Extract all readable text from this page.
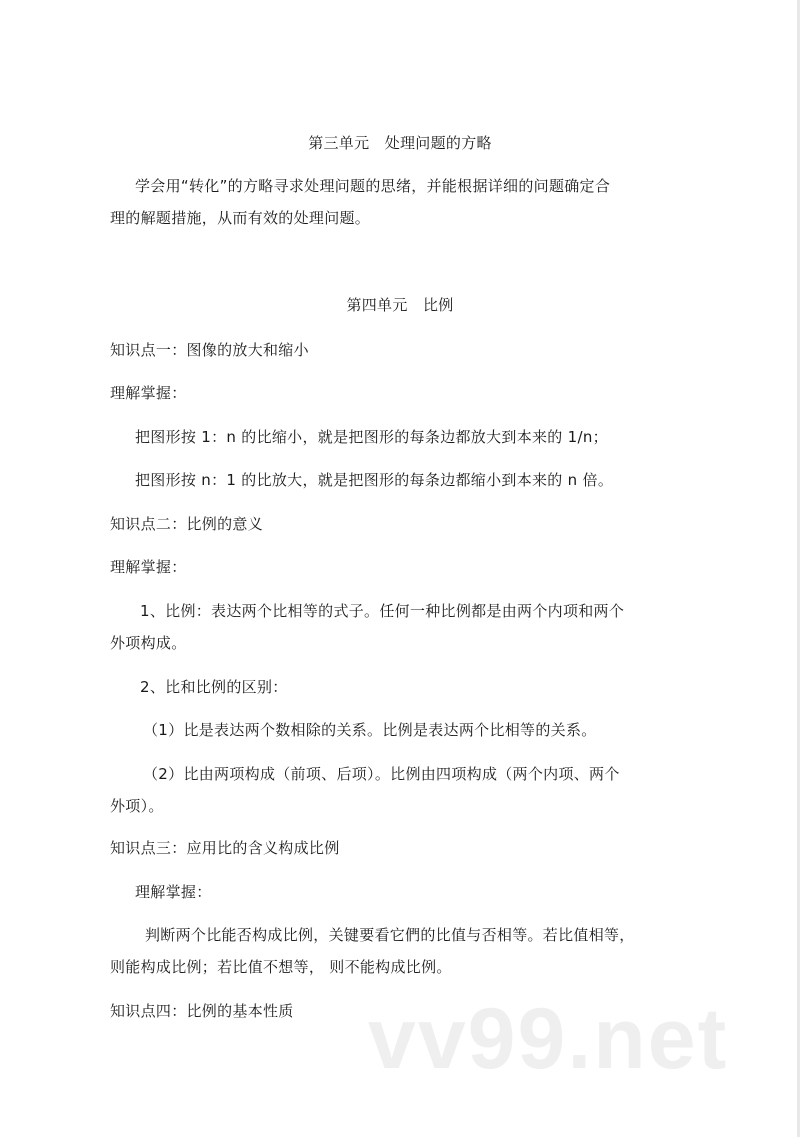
vv99.net
第三单元　处理问题的方略
学会用“转化”的方略寻求处理问题的思绪，并能根据详细的问题确定合
理的解题措施，从而有效的处理问题。
第四单元　比例
知识点一：图像的放大和缩小
理解掌握：
把图形按 1：n 的比缩小，就是把图形的每条边都放大到本来的 1/n；
把图形按 n：1 的比放大，就是把图形的每条边都缩小到本来的 n 倍。
知识点二：比例的意义
理解掌握：
1、比例：表达两个比相等的式子。任何一种比例都是由两个内项和两个
外项构成。
2、比和比例的区别：
（1）比是表达两个数相除的关系。比例是表达两个比相等的关系。
（2）比由两项构成（前项、后项）。比例由四项构成（两个内项、两个
外项）。
知识点三：应用比的含义构成比例
理解掌握：
判断两个比能否构成比例，关键要看它們的比值与否相等。若比值相等，
则能构成比例；若比值不想等， 则不能构成比例。
知识点四：比例的基本性质
